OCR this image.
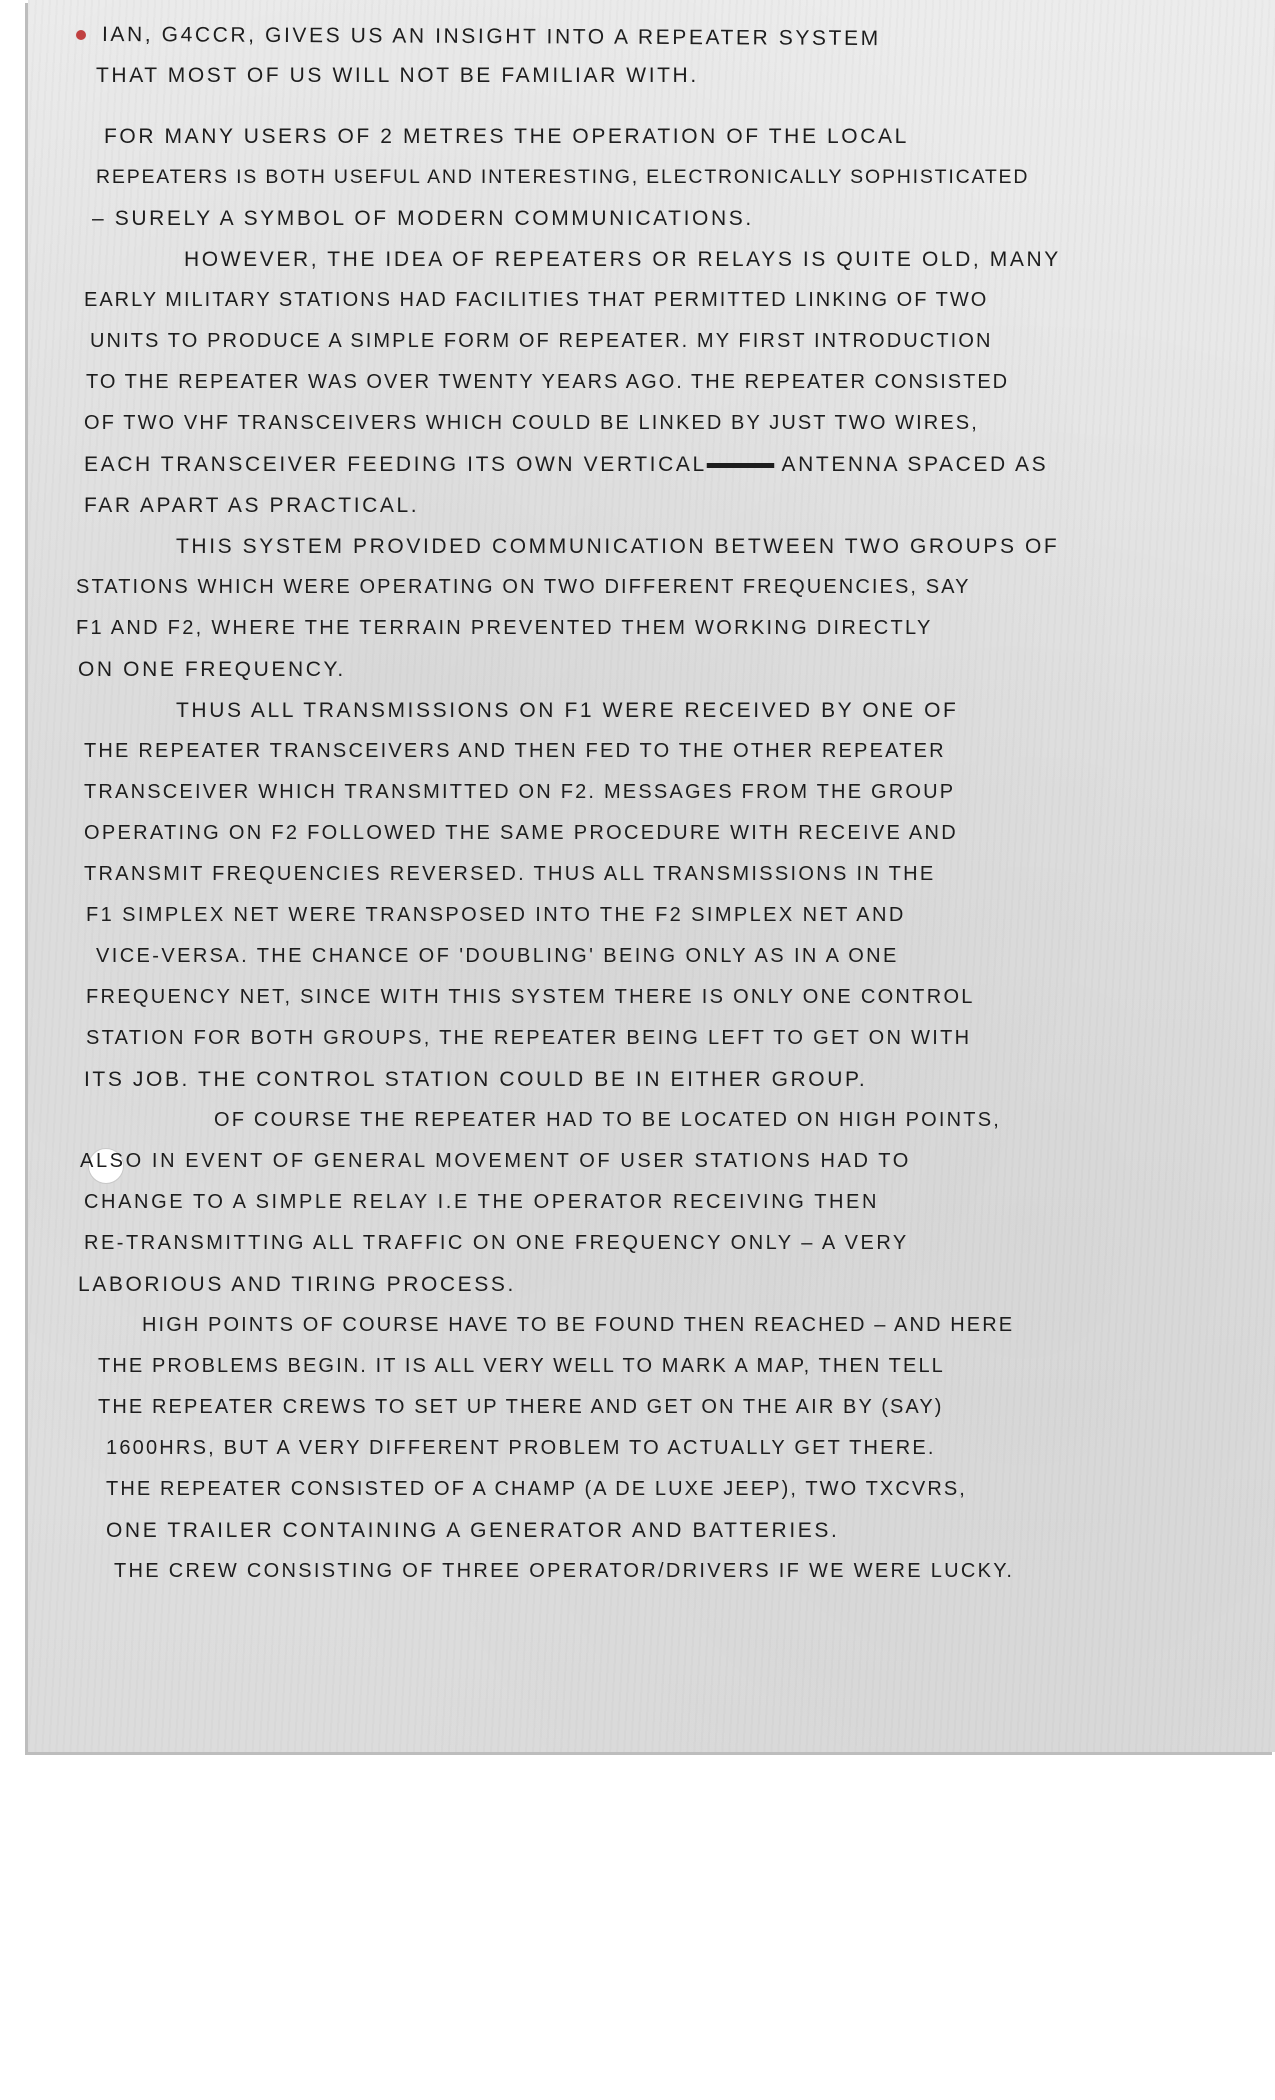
IAN, G4CCR, GIVES US AN INSIGHT INTO A REPEATER SYSTEM
THAT MOST OF US WILL NOT BE FAMILIAR WITH.
FOR MANY USERS OF 2 METRES THE OPERATION OF THE LOCAL
REPEATERS IS BOTH USEFUL AND INTERESTING, ELECTRONICALLY SOPHISTICATED
– SURELY A SYMBOL OF MODERN COMMUNICATIONS.
HOWEVER, THE IDEA OF REPEATERS OR RELAYS IS QUITE OLD, MANY
EARLY MILITARY STATIONS HAD FACILITIES THAT PERMITTED LINKING OF TWO
UNITS TO PRODUCE A SIMPLE FORM OF REPEATER. MY FIRST INTRODUCTION
TO THE REPEATER WAS OVER TWENTY YEARS AGO. THE REPEATER CONSISTED
OF TWO VHF TRANSCEIVERS WHICH COULD BE LINKED BY JUST TWO WIRES,
EACH TRANSCEIVER FEEDING ITS OWN VERTICAL	ANTENNA SPACED AS
FAR APART AS PRACTICAL.
THIS SYSTEM PROVIDED COMMUNICATION BETWEEN TWO GROUPS OF
STATIONS WHICH WERE OPERATING ON TWO DIFFERENT FREQUENCIES, SAY
F1 AND F2, WHERE THE TERRAIN PREVENTED THEM WORKING DIRECTLY
ON ONE FREQUENCY.
THUS ALL TRANSMISSIONS ON F1 WERE RECEIVED BY ONE OF
THE REPEATER TRANSCEIVERS AND THEN FED TO THE OTHER REPEATER
TRANSCEIVER WHICH TRANSMITTED ON F2. MESSAGES FROM THE GROUP
OPERATING ON F2 FOLLOWED THE SAME PROCEDURE WITH RECEIVE AND
TRANSMIT FREQUENCIES REVERSED. THUS ALL TRANSMISSIONS IN THE
F1 SIMPLEX NET WERE TRANSPOSED INTO THE F2 SIMPLEX NET AND
VICE-VERSA. THE CHANCE OF 'DOUBLING' BEING ONLY AS IN A ONE
FREQUENCY NET, SINCE WITH THIS SYSTEM THERE IS ONLY ONE CONTROL
STATION FOR BOTH GROUPS, THE REPEATER BEING LEFT TO GET ON WITH
ITS JOB. THE CONTROL STATION COULD BE IN EITHER GROUP.
OF COURSE THE REPEATER HAD TO BE LOCATED ON HIGH POINTS,
ALSO IN EVENT OF GENERAL MOVEMENT OF USER STATIONS HAD TO
CHANGE TO A SIMPLE RELAY I.E THE OPERATOR RECEIVING THEN
RE-TRANSMITTING ALL TRAFFIC ON ONE FREQUENCY ONLY – A VERY
LABORIOUS AND TIRING PROCESS.
HIGH POINTS OF COURSE HAVE TO BE FOUND THEN REACHED – AND HERE
THE PROBLEMS BEGIN. IT IS ALL VERY WELL TO MARK A MAP, THEN TELL
THE REPEATER CREWS TO SET UP THERE AND GET ON THE AIR BY (SAY)
1600HRS, BUT A VERY DIFFERENT PROBLEM TO ACTUALLY GET THERE.
THE REPEATER CONSISTED OF A CHAMP (A DE LUXE JEEP), TWO TXCVRS,
ONE TRAILER CONTAINING A GENERATOR AND BATTERIES.
THE CREW CONSISTING OF THREE OPERATOR/DRIVERS IF WE WERE LUCKY.
